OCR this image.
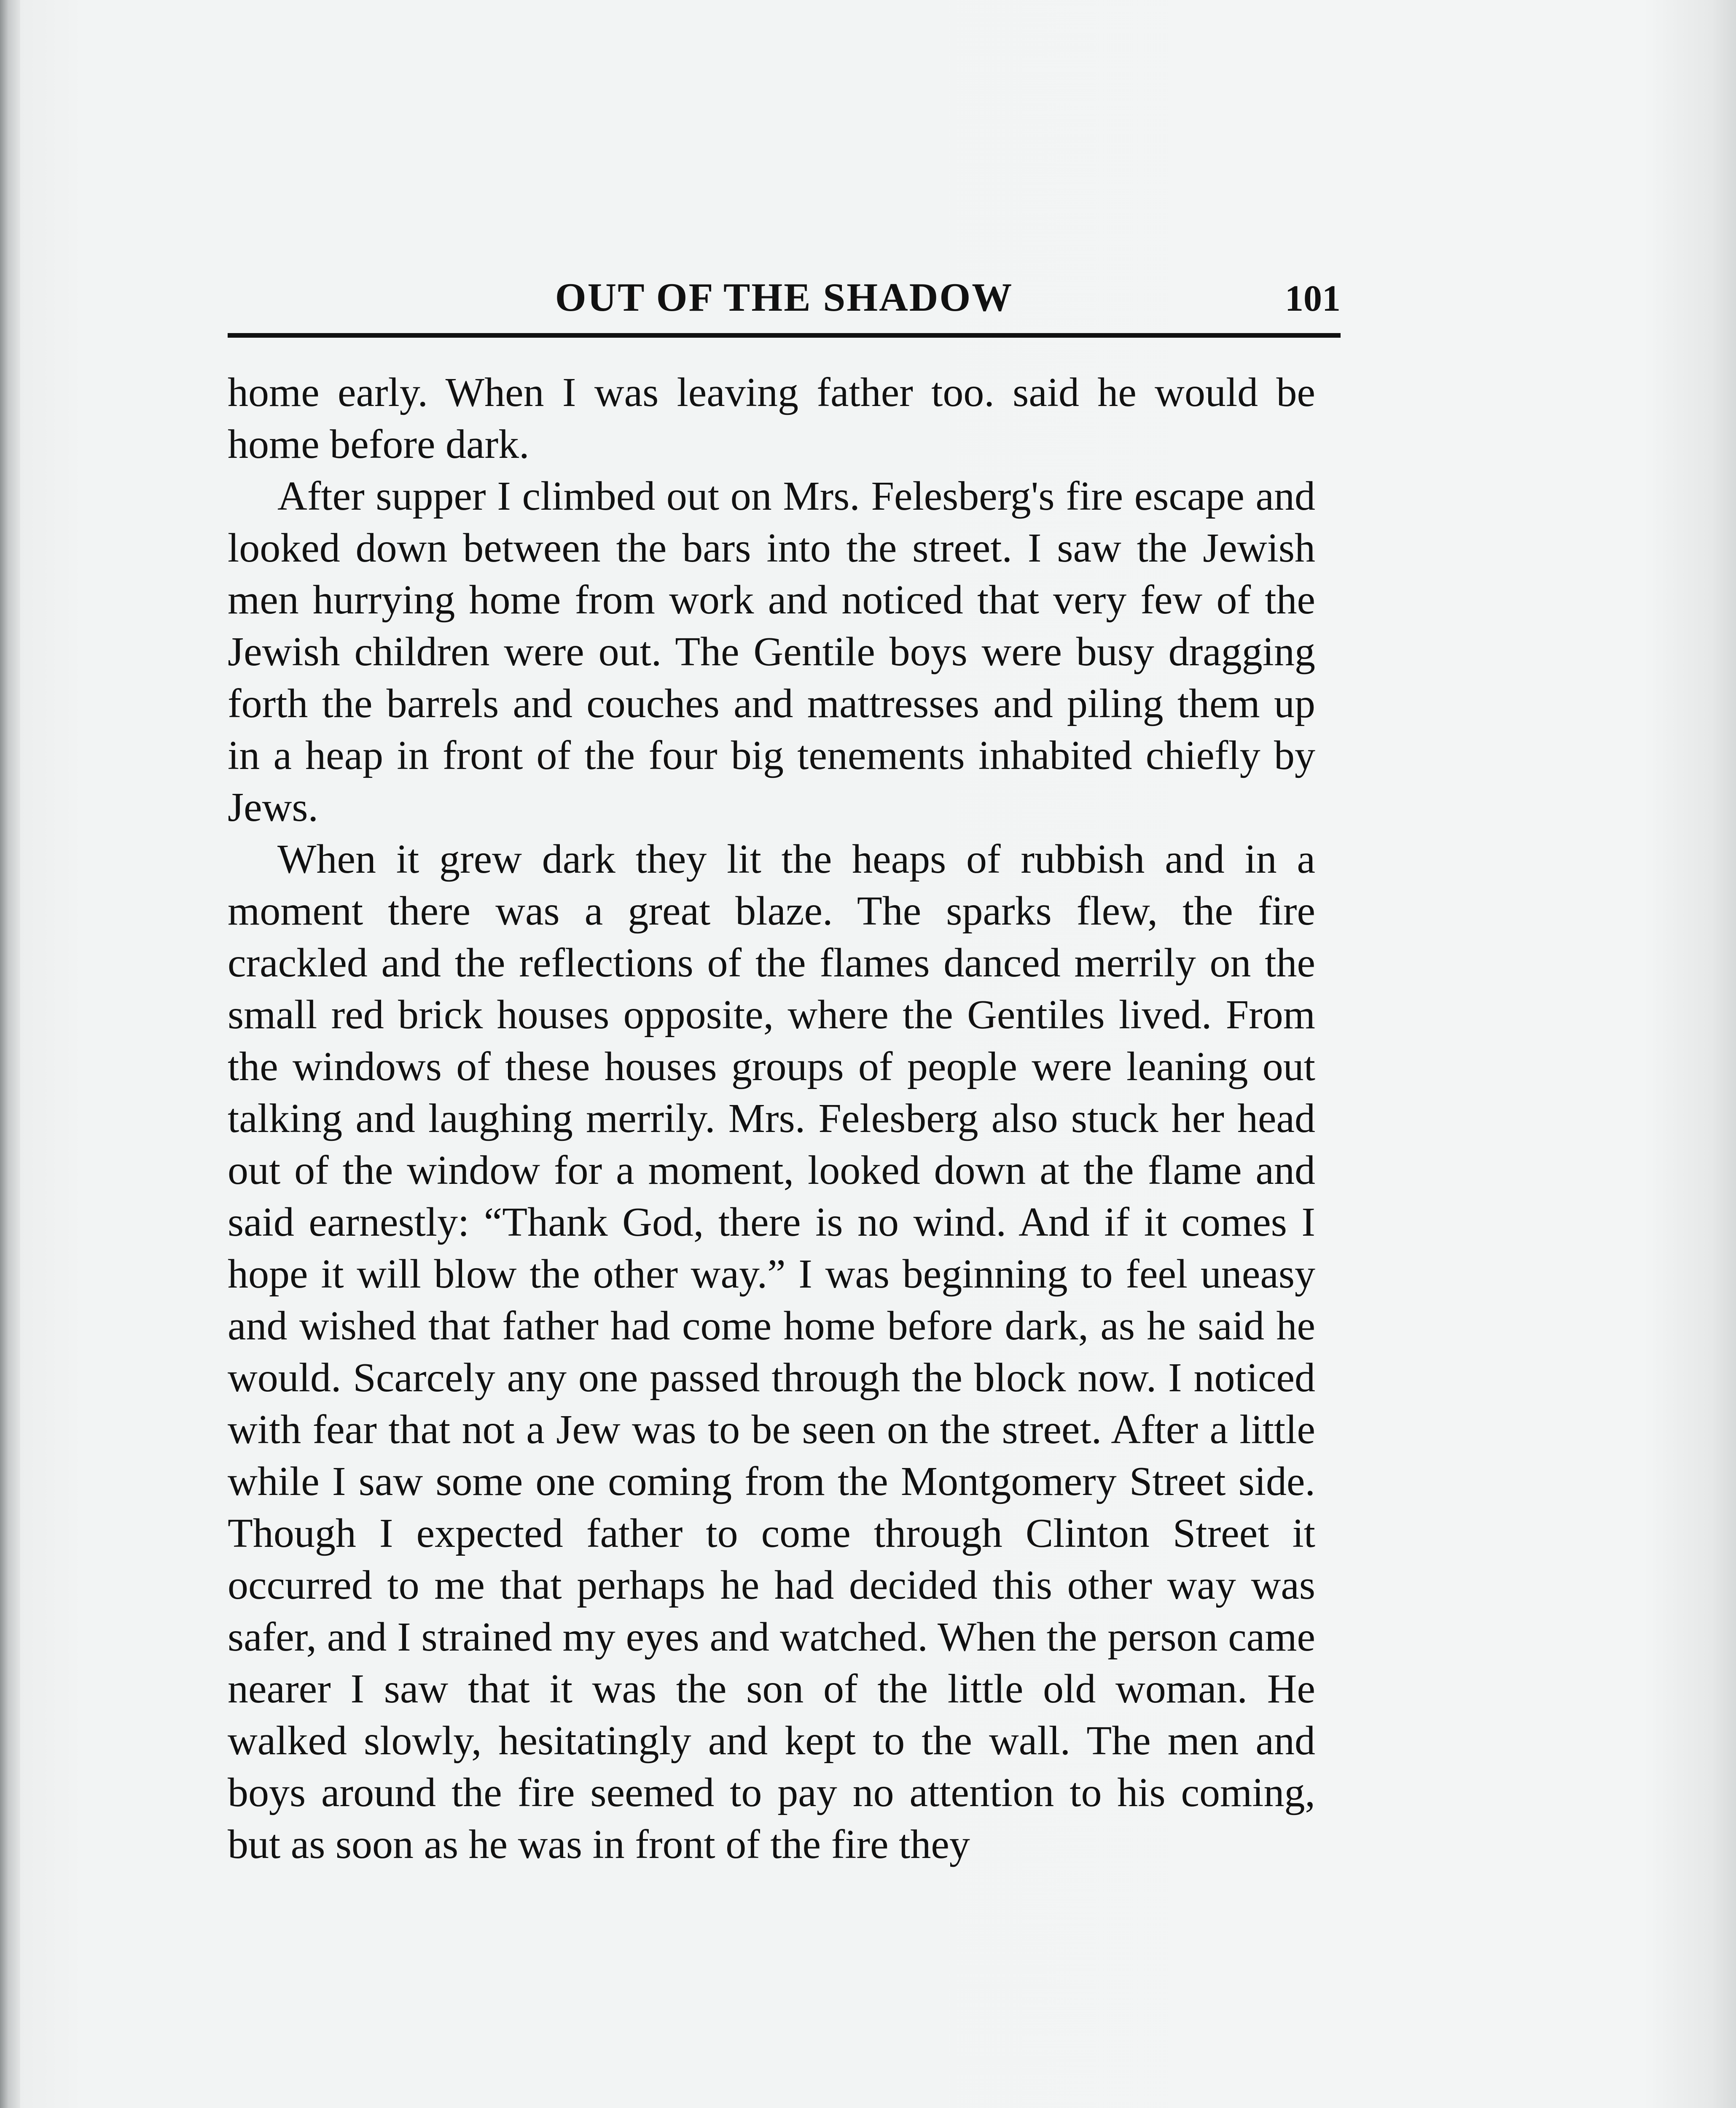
OUT OF THE SHADOW	101

home early. When I was leaving father too. said he would be home before dark.

After supper I climbed out on Mrs. Felesberg's fire escape and looked down between the bars into the street. I saw the Jewish men hurrying home from work and noticed that very few of the Jewish children were out. The Gentile boys were busy dragging forth the barrels and couches and mattresses and piling them up in a heap in front of the four big tenements inhabited chiefly by Jews.

When it grew dark they lit the heaps of rubbish and in a moment there was a great blaze. The sparks flew, the fire crackled and the reflections of the flames danced merrily on the small red brick houses opposite, where the Gentiles lived. From the windows of these houses groups of people were leaning out talking and laughing merrily. Mrs. Felesberg also stuck her head out of the window for a moment, looked down at the flame and said earnestly: “Thank God, there is no wind. And if it comes I hope it will blow the other way.” I was beginning to feel uneasy and wished that father had come home before dark, as he said he would. Scarcely any one passed through the block now. I noticed with fear that not a Jew was to be seen on the street. After a little while I saw some one coming from the Montgomery Street side. Though I expected father to come through Clinton Street it occurred to me that perhaps he had decided this other way was safer, and I strained my eyes and watched. When the person came nearer I saw that it was the son of the little old woman. He walked slowly, hesitatingly and kept to the wall. The men and boys around the fire seemed to pay no attention to his coming, but as soon as he was in front of the fire they
